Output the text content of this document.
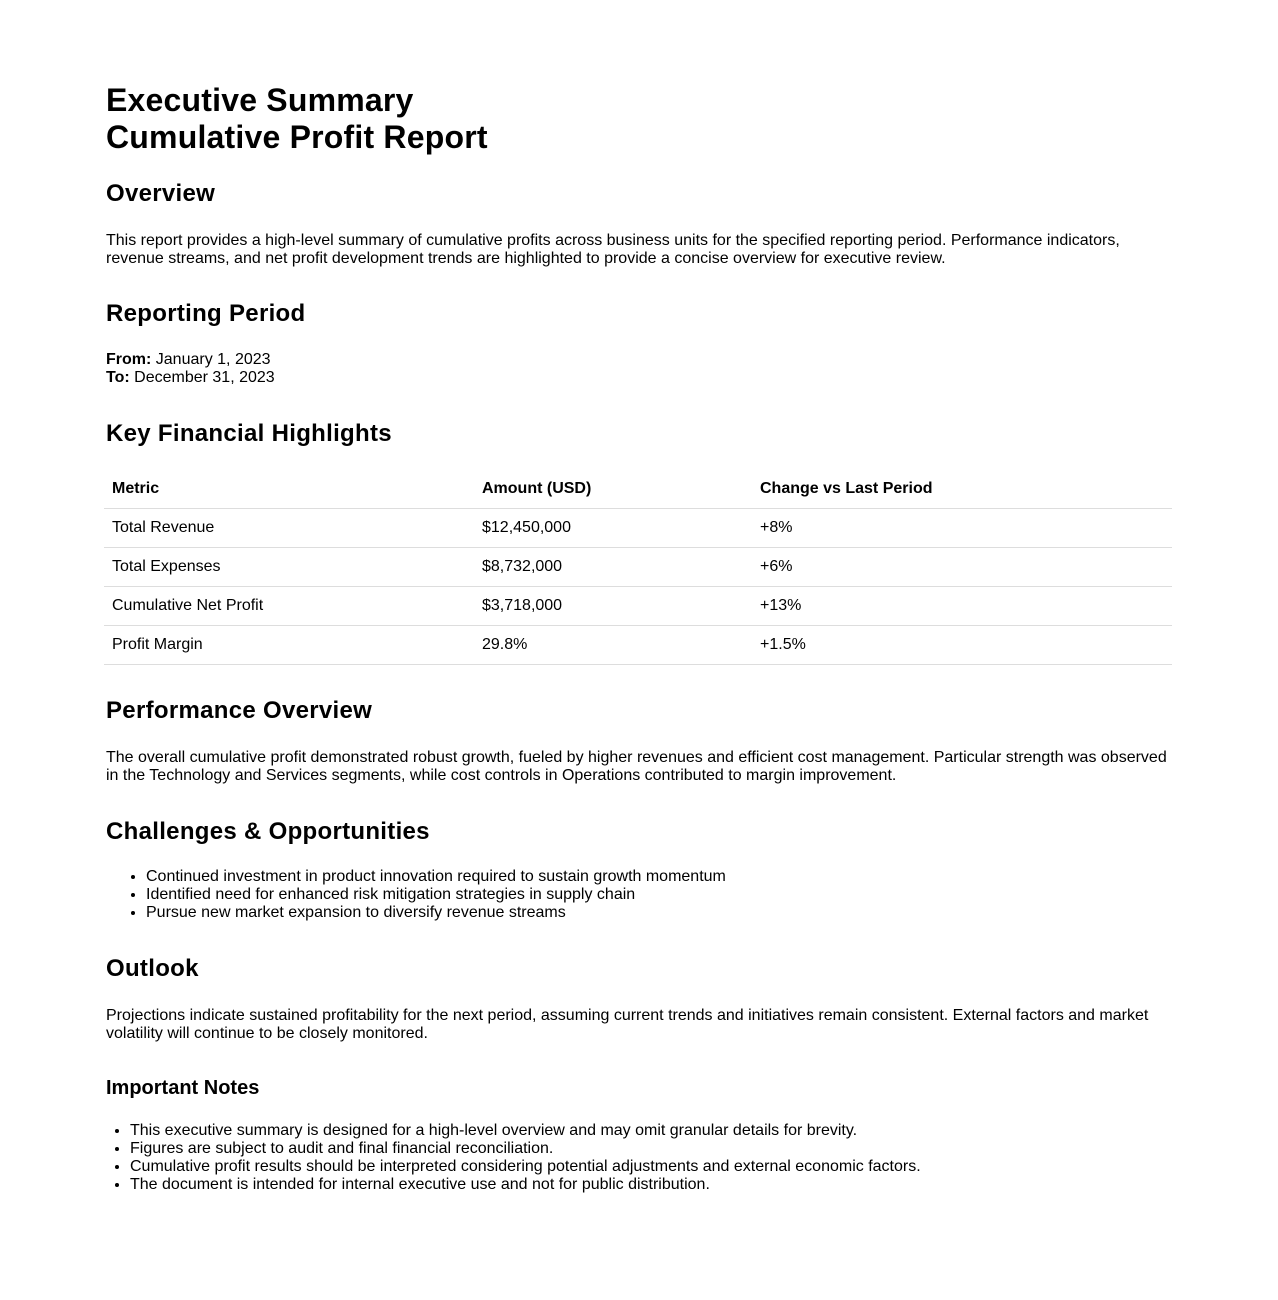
Executive Summary
Cumulative Profit Report
Overview

This report provides a high-level summary of cumulative profits across business units for the specified reporting period. Performance indicators, revenue streams, and net profit development trends are highlighted to provide a concise overview for executive review.

Reporting Period
From: January 1, 2023
To: December 31, 2023
Key Financial Highlights
Metric	Amount (USD)	Change vs Last Period
Total Revenue	$12,450,000	+8%
Total Expenses	$8,732,000	+6%
Cumulative Net Profit	$3,718,000	+13%
Profit Margin	29.8%	+1.5%
Performance Overview

The overall cumulative profit demonstrated robust growth, fueled by higher revenues and efficient cost management. Particular strength was observed in the Technology and Services segments, while cost controls in Operations contributed to margin improvement.

Challenges & Opportunities
• Continued investment in product innovation required to sustain growth momentum
• Identified need for enhanced risk mitigation strategies in supply chain
• Pursue new market expansion to diversify revenue streams
Outlook

Projections indicate sustained profitability for the next period, assuming current trends and initiatives remain consistent. External factors and market volatility will continue to be closely monitored.

Important Notes
• This executive summary is designed for a high-level overview and may omit granular details for brevity.
• Figures are subject to audit and final financial reconciliation.
• Cumulative profit results should be interpreted considering potential adjustments and external economic factors.
• The document is intended for internal executive use and not for public distribution.
